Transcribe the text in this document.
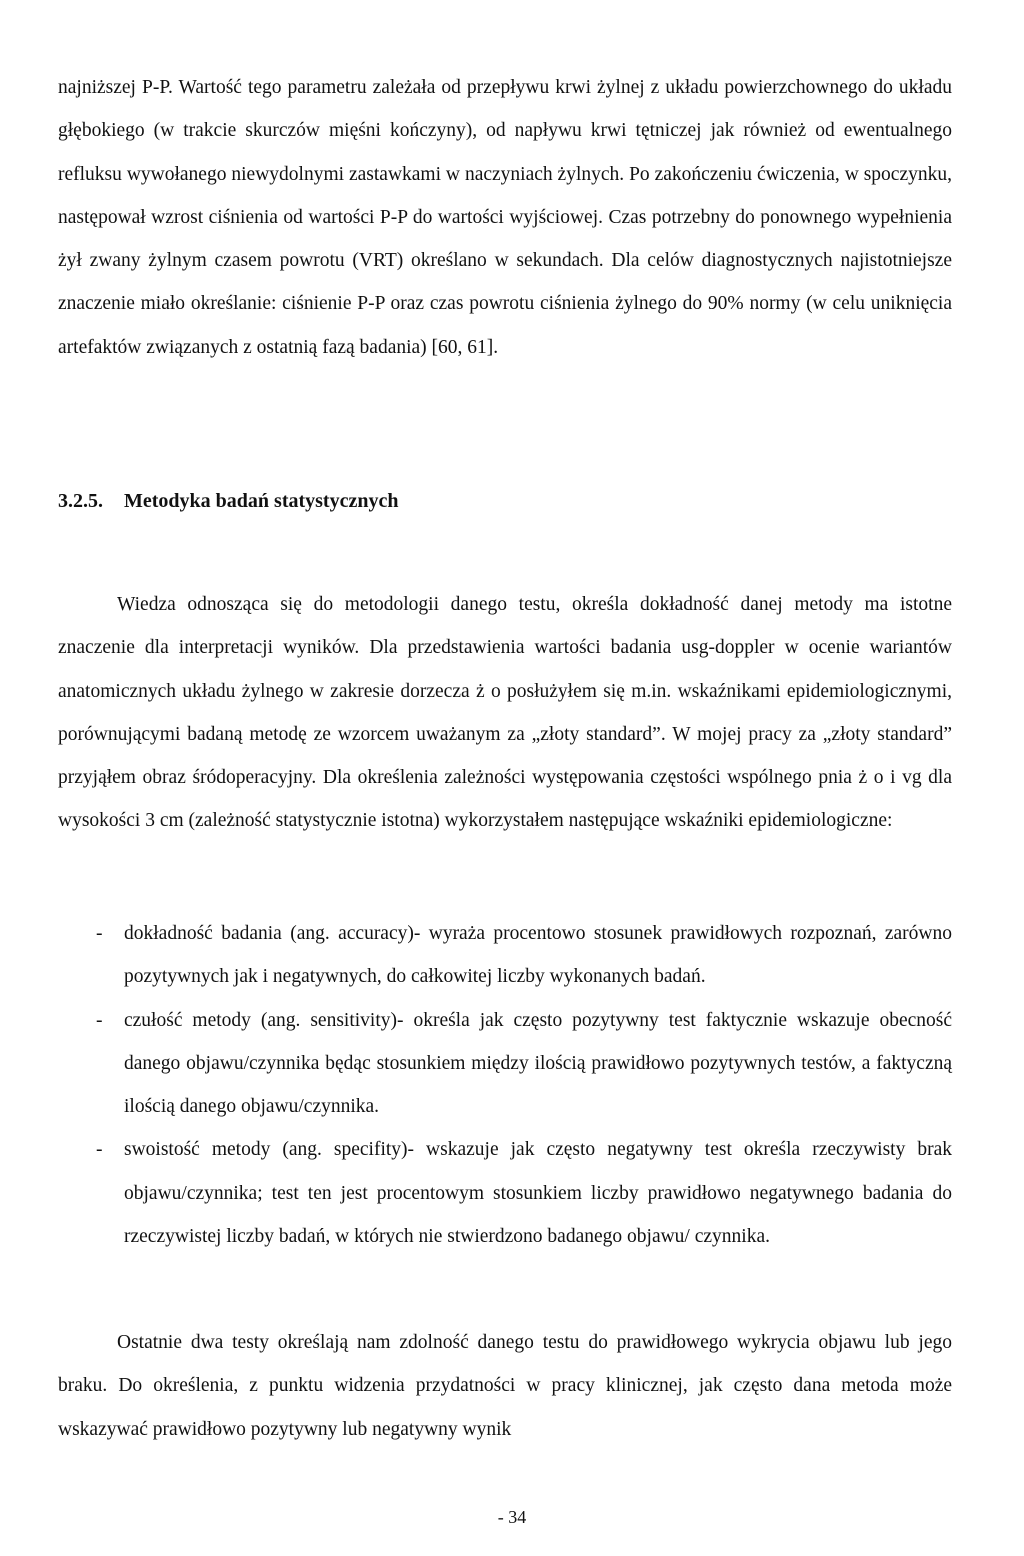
najniższej P-P. Wartość tego parametru zależała od przepływu krwi żylnej z układu powierzchownego do układu głębokiego (w trakcie skurczów mięśni kończyny), od napływu krwi tętniczej jak również od ewentualnego refluksu wywołanego niewydolnymi zastawkami w naczyniach żylnych. Po zakończeniu ćwiczenia, w spoczynku, następował wzrost ciśnienia od wartości P-P do wartości wyjściowej. Czas potrzebny do ponownego wypełnienia żył zwany żylnym czasem powrotu (VRT) określano w sekundach. Dla celów diagnostycznych najistotniejsze znaczenie miało określanie: ciśnienie P-P oraz czas powrotu ciśnienia żylnego do 90% normy (w celu uniknięcia artefaktów związanych z ostatnią fazą badania) [60, 61].

3.2.5. Metodyka badań statystycznych

Wiedza odnosząca się do metodologii danego testu, określa dokładność danej metody ma istotne znaczenie dla interpretacji wyników. Dla przedstawienia wartości badania usg-doppler w ocenie wariantów anatomicznych układu żylnego w zakresie dorzecza ż o posłużyłem się m.in. wskaźnikami epidemiologicznymi, porównującymi badaną metodę ze wzorcem uważanym za „złoty standard”. W mojej pracy za „złoty standard” przyjąłem obraz śródoperacyjny. Dla określenia zależności występowania częstości wspólnego pnia ż o i vg dla wysokości 3 cm (zależność statystycznie istotna) wykorzystałem następujące wskaźniki epidemiologiczne:

- dokładność badania (ang. accuracy)- wyraża procentowo stosunek prawidłowych rozpoznań, zarówno pozytywnych jak i negatywnych, do całkowitej liczby wykonanych badań.
- czułość metody (ang. sensitivity)- określa jak często pozytywny test faktycznie wskazuje obecność danego objawu/czynnika będąc stosunkiem między ilością prawidłowo pozytywnych testów, a faktyczną ilością danego objawu/czynnika.
- swoistość metody (ang. specifity)- wskazuje jak często negatywny test określa rzeczywisty brak objawu/czynnika; test ten jest procentowym stosunkiem liczby prawidłowo negatywnego badania do rzeczywistej liczby badań, w których nie stwierdzono badanego objawu/ czynnika.

Ostatnie dwa testy określają nam zdolność danego testu do prawidłowego wykrycia objawu lub jego braku. Do określenia, z punktu widzenia przydatności w pracy klinicznej, jak często dana metoda może wskazywać prawidłowo pozytywny lub negatywny wynik

- 34
